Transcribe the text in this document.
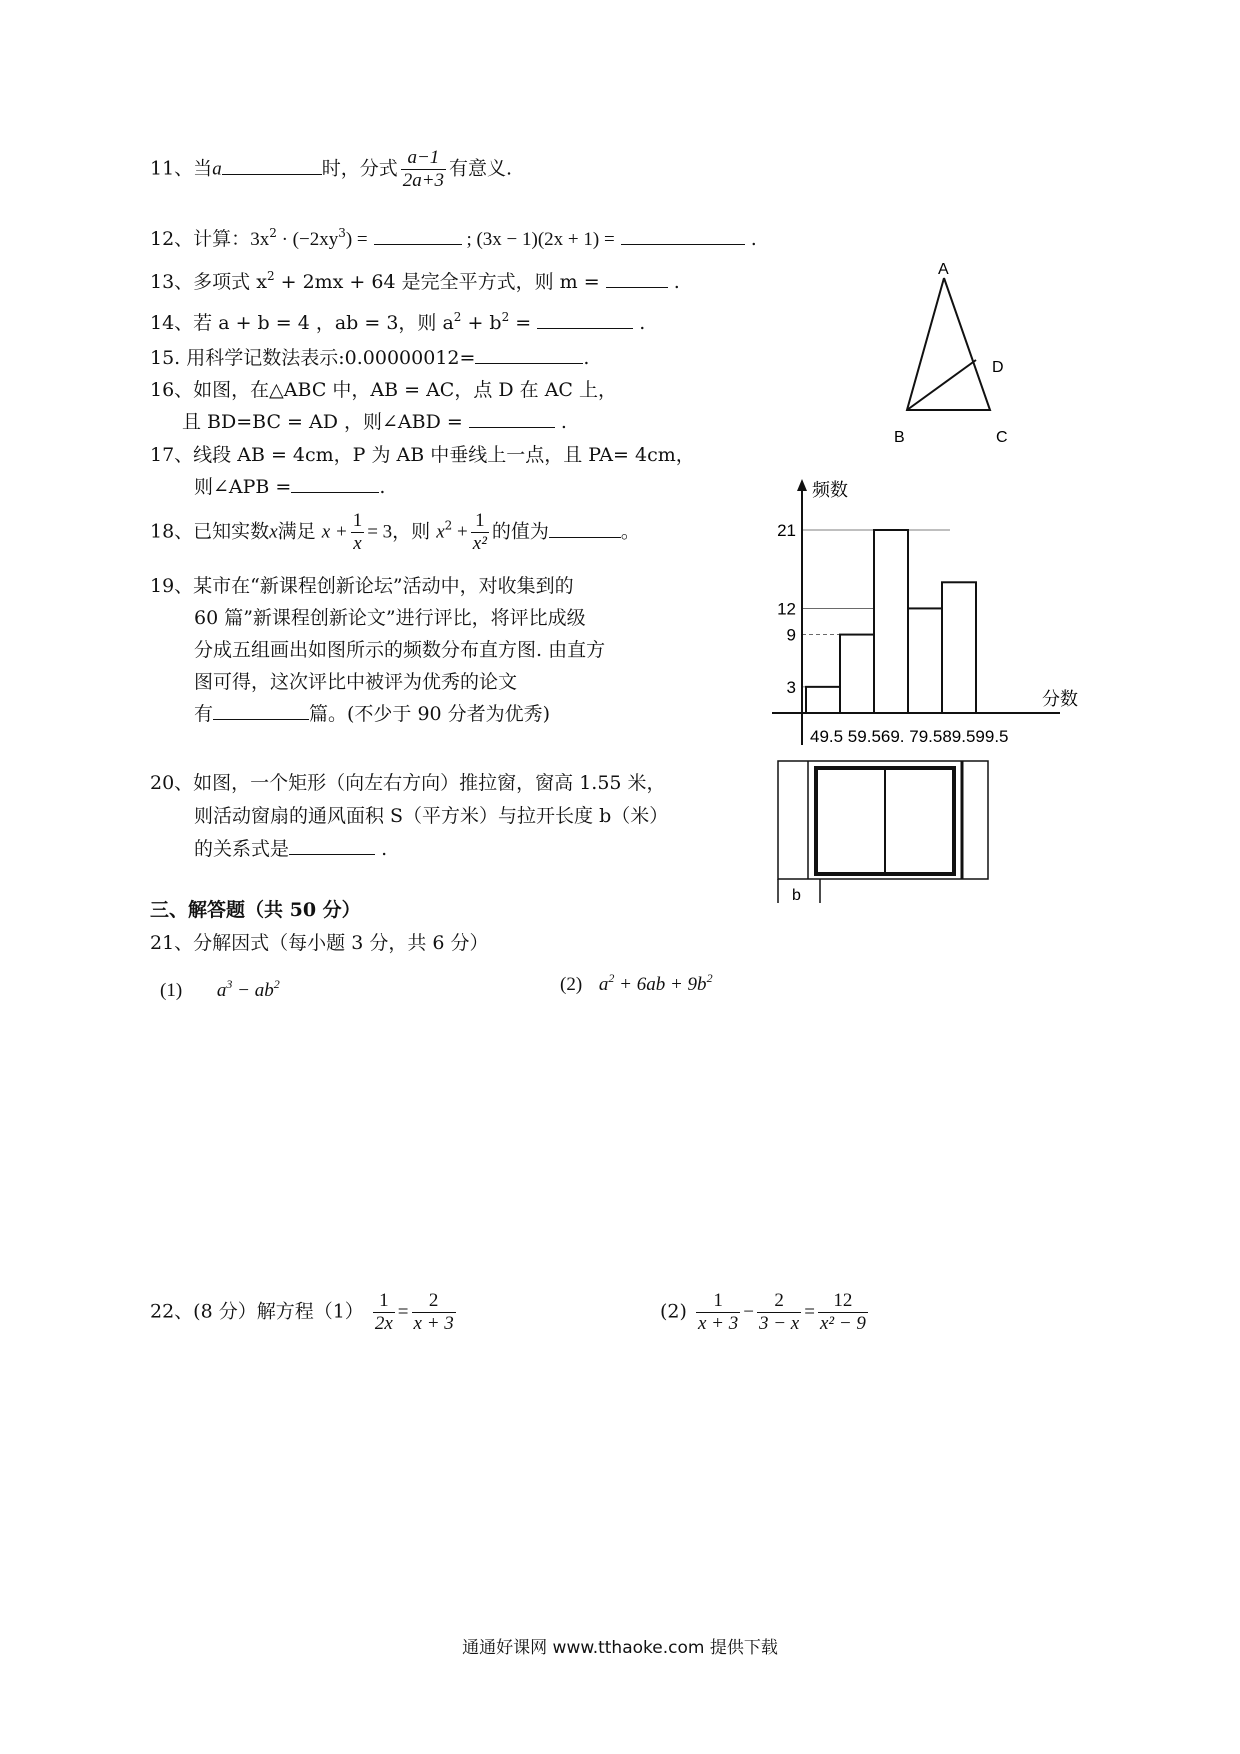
11、当a	时，分式 $\frac{a-1}{2a+3}$ 有意义.
12、计算：$3x^2 \cdot (-2xy^3)$ =	; (3x − 1)(2x + 1) =	.
13、多项式 $x^2 + 2mx + 64$ 是完全平方式，则 m =	.
14、若 a + b = 4 ，ab = 3，则 $a^2 + b^2$ =	.
15. 用科学记数法表示:0.00000012=	.
16、如图，在△ABC 中，AB = AC，点 D 在 AC 上，
且 BD=BC = AD ，则∠ABD =	.
17、线段 AB = 4cm，P 为 AB 中垂线上一点，且 PA= 4cm，
则∠APB =	.
18、已知实数x满足 $x + \frac{1}{x} = 3$，则 $x^2 + \frac{1}{\text{x²}}$ 的值为	。
19、某市在“新课程创新论坛”活动中，对收集到的
60 篇”新课程创新论文”进行评比，将评比成级
分成五组画出如图所示的频数分布直方图. 由直方
图可得，这次评比中被评为优秀的论文
有	篇。(不少于 90 分者为优秀)
20、如图，一个矩形（向左右方向）推拉窗，窗高 1.55 米，
则活动窗扇的通风面积 S（平方米）与拉开长度 b（米）
的关系式是	.
三、解答题（共 50 分）
21、分解因式（每小题 3 分，共 6 分）
(1) $a^3 - ab^2$	(2) $a^2 + 6ab + 9b^2$
22、(8 分）解方程$(1) \frac{1}{2x} = \frac{2}{x + 3}$	$(2) \frac{1}{x + 3} - \frac{2}{3 - x} = \frac{12}{\text{x² − 9}}$
A
B	C
D
频数
分数
49.5 59.569. 79.589.599.5
21
12
9
3
b
通通好课网 www.tthaoke.com 提供下载
